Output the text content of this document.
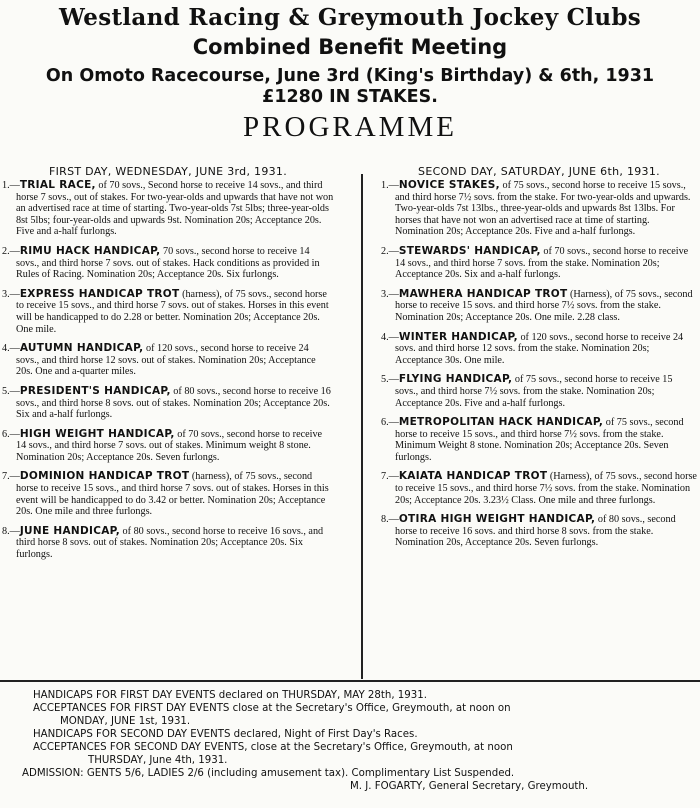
Westland Racing & Greymouth Jockey Clubs
Combined Benefit Meeting
On Omoto Racecourse, June 3rd (King's Birthday) & 6th, 1931
£1280 IN STAKES.
PROGRAMME
FIRST DAY, WEDNESDAY, JUNE 3rd, 1931.
1.—TRIAL RACE, of 70 sovs., Second horse to receive 14 sovs., and third horse 7 sovs., out of stakes. For two-year-olds and upwards that have not won an advertised race at time of starting. Two-year-olds 7st 5lbs; three-year-olds 8st 5lbs; four-year-olds and upwards 9st. Nomination 20s; Acceptance 20s. Five and a-half furlongs.
2.—RIMU HACK HANDICAP, 70 sovs., second horse to receive 14 sovs., and third horse 7 sovs. out of stakes. Hack conditions as provided in Rules of Racing. Nomination 20s; Acceptance 20s. Six furlongs.
3.—EXPRESS HANDICAP TROT (harness), of 75 sovs., second horse to receive 15 sovs., and third horse 7 sovs. out of stakes. Horses in this event will be handicapped to do 2.28 or better. Nomination 20s; Acceptance 20s. One mile.
4.—AUTUMN HANDICAP, of 120 sovs., second horse to receive 24 sovs., and third horse 12 sovs. out of stakes. Nomination 20s; Acceptance 20s. One and a-quarter miles.
5.—PRESIDENT'S HANDICAP, of 80 sovs., second horse to receive 16 sovs., and third horse 8 sovs. out of stakes. Nomination 20s; Acceptance 20s. Six and a-half furlongs.
6.—HIGH WEIGHT HANDICAP, of 70 sovs., second horse to receive 14 sovs., and third horse 7 sovs. out of stakes. Minimum weight 8 stone. Nomination 20s; Acceptance 20s. Seven furlongs.
7.—DOMINION HANDICAP TROT (harness), of 75 sovs., second horse to receive 15 sovs., and third horse 7 sovs. out of stakes. Horses in this event will be handicapped to do 3.42 or better. Nomination 20s; Acceptance 20s. One mile and three furlongs.
8.—JUNE HANDICAP, of 80 sovs., second horse to receive 16 sovs., and third horse 8 sovs. out of stakes. Nomination 20s; Acceptance 20s. Six furlongs.
SECOND DAY, SATURDAY, JUNE 6th, 1931.
1.—NOVICE STAKES, of 75 sovs., second horse to receive 15 sovs., and third horse 7½ sovs. from the stake. For two-year-olds and upwards. Two-year-olds 7st 13lbs., three-year-olds and upwards 8st 13lbs. For horses that have not won an advertised race at time of starting. Nomination 20s; Acceptance 20s. Five and a-half furlongs.
2.—STEWARDS' HANDICAP, of 70 sovs., second horse to receive 14 sovs., and third horse 7 sovs. from the stake. Nomination 20s; Acceptance 20s. Six and a-half furlongs.
3.—MAWHERA HANDICAP TROT (Harness), of 75 sovs., second horse to receive 15 sovs. and third horse 7½ sovs. from the stake. Nomination 20s; Acceptance 20s. One mile. 2.28 class.
4.—WINTER HANDICAP, of 120 sovs., second horse to receive 24 sovs. and third horse 12 sovs. from the stake. Nomination 20s; Acceptance 30s. One mile.
5.—FLYING HANDICAP, of 75 sovs., second horse to receive 15 sovs., and third horse 7½ sovs. from the stake. Nomination 20s; Acceptance 20s. Five and a-half furlongs.
6.—METROPOLITAN HACK HANDICAP, of 75 sovs., second horse to receive 15 sovs., and third horse 7½ sovs. from the stake. Minimum Weight 8 stone. Nomination 20s; Acceptance 20s. Seven furlongs.
7.—KAIATA HANDICAP TROT (Harness), of 75 sovs., second horse to receive 15 sovs., and third horse 7½ sovs. from the stake. Nomination 20s; Acceptance 20s. 3.23½ Class. One mile and three furlongs.
8.—OTIRA HIGH WEIGHT HANDICAP, of 80 sovs., second horse to receive 16 sovs. and third horse 8 sovs. from the stake. Nomination 20s, Acceptance 20s. Seven furlongs.
HANDICAPS FOR FIRST DAY EVENTS declared on THURSDAY, MAY 28th, 1931.
ACCEPTANCES FOR FIRST DAY EVENTS close at the Secretary's Office, Greymouth, at noon on
MONDAY, JUNE 1st, 1931.
HANDICAPS FOR SECOND DAY EVENTS declared, Night of First Day's Races.
ACCEPTANCES FOR SECOND DAY EVENTS, close at the Secretary's Office, Greymouth, at noon
THURSDAY, June 4th, 1931.
ADMISSION: GENTS 5/6, LADIES 2/6 (including amusement tax). Complimentary List Suspended.
M. J. FOGARTY, General Secretary, Greymouth.
